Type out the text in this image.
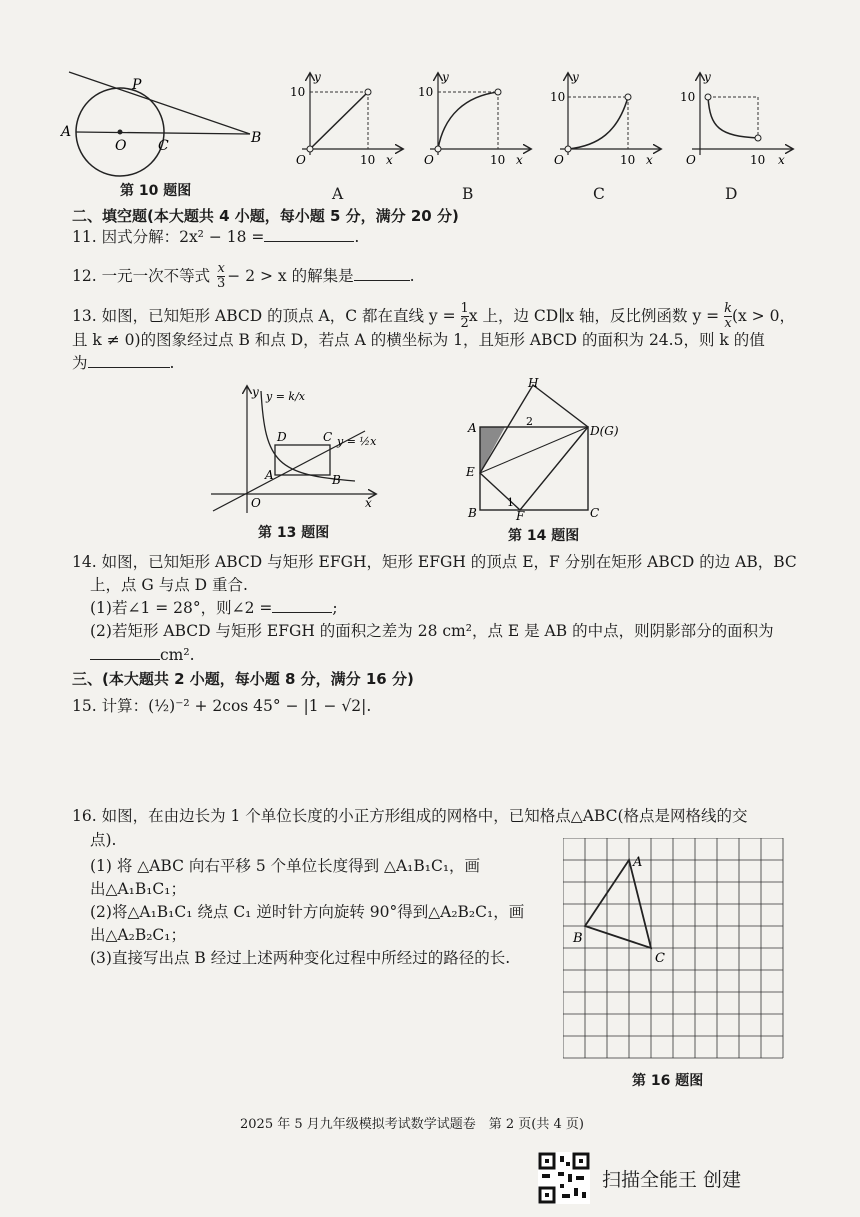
P
A
O C	B
第 10 题图
y
10
O	10 x
A
y
10
O	10 x
B
y
10
O	10 x
C
y
10
O	10 x
D
二、填空题(本大题共 4 小题，每小题 5 分，满分 20 分)
11. 因式分解：2x² − 18 =	.
12. 一元一次不等式 $\frac{x}{3} - 2 > x$ 的解集是	.
13. 如图，已知矩形 ABCD 的顶点 A，C 都在直线 $y = \frac{1}{2}$ x 上，边 CD∥x 轴，反比例函数 $y = \frac{k}{x} (x > 0$，
且 k ≠ 0)的图象经过点 B 和点 D，若点 A 的横坐标为 1，且矩形 ABCD 的面积为 24.5，则 k 的值
为	.
y y = k/x
D	C y = ½x
A	B
O	x
第 13 题图
H
A	2
D(G)
E
1
B	F	C
第 14 题图
14. 如图，已知矩形 ABCD 与矩形 EFGH，矩形 EFGH 的顶点 E，F 分别在矩形 ABCD 的边 AB，BC
上，点 G 与点 D 重合.
(1)若∠1 = 28°，则∠2 =	;
(2)若矩形 ABCD 与矩形 EFGH 的面积之差为 28 cm²，点 E 是 AB 的中点，则阴影部分的面积为
cm².
三、(本大题共 2 小题，每小题 8 分，满分 16 分)
15. 计算：(½)⁻² + 2cos 45° − |1 − √2|.
16. 如图，在由边长为 1 个单位长度的小正方形组成的网格中，已知格点△ABC(格点是网格线的交
点).
(1) 将 △ABC 向右平移 5 个单位长度得到 △A₁B₁C₁，画
出△A₁B₁C₁；
(2)将△A₁B₁C₁ 绕点 C₁ 逆时针方向旋转 90°得到△A₂B₂C₁，画
出△A₂B₂C₁；
(3)直接写出点 B 经过上述两种变化过程中所经过的路径的长.
A
B
C
第 16 题图
2025 年 5 月九年级模拟考试数学试题卷　第 2 页(共 4 页)
扫描全能王 创建
